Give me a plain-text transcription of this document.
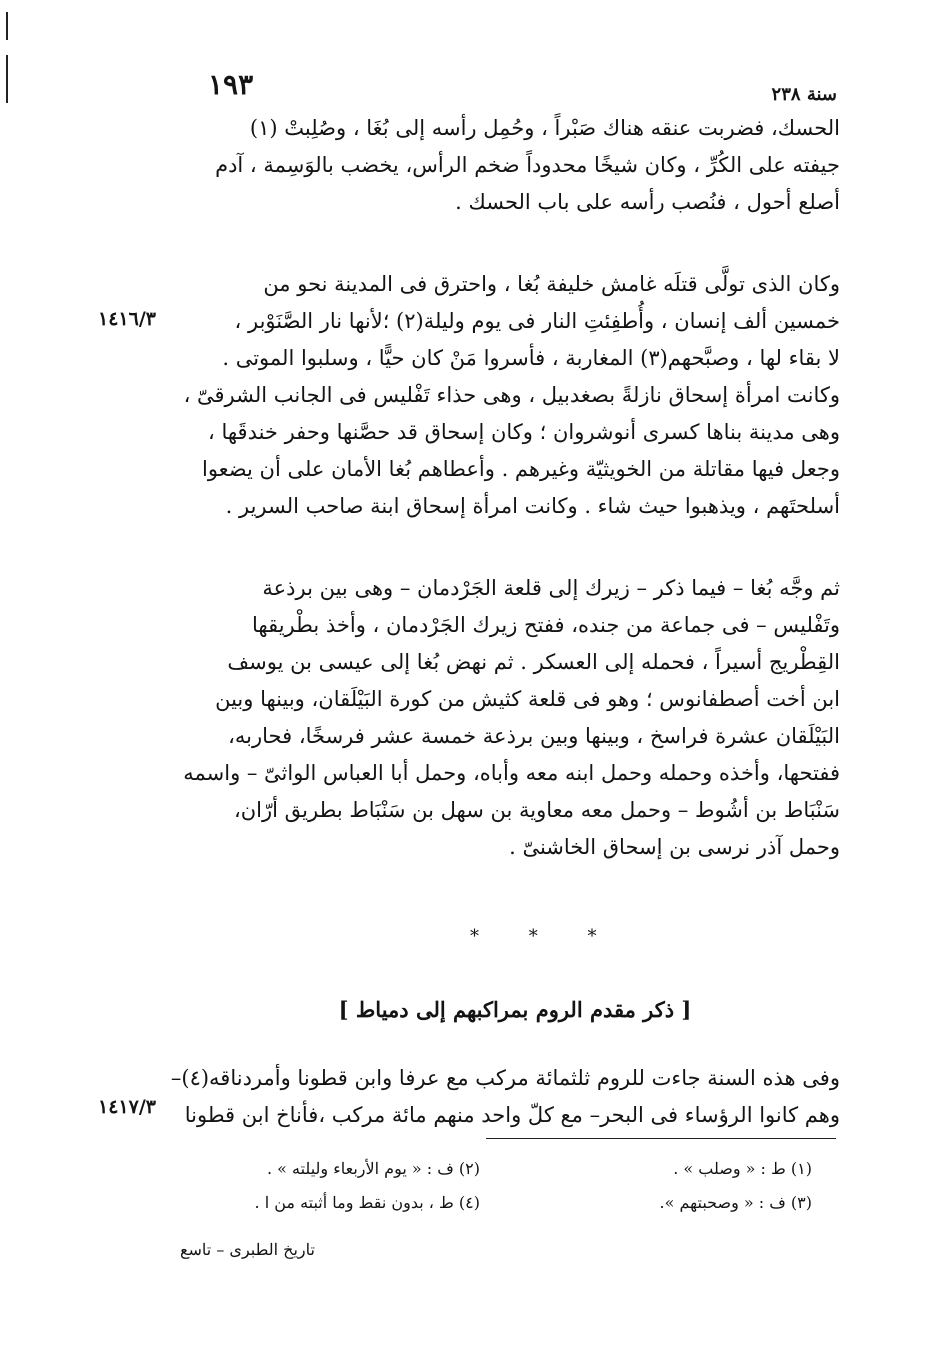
١٩٣	سنة ٢٣٨
الحسك، فضربت عنقه هناك صَبْراً ، وحُمِل رأسه إلى بُغَا ، وصُلِبتْ (١)
جيفته على الكُرِّ ، وكان شيخًا محدوداً ضخم الرأس، يخضب بالوَسِمة ، آدم
أصلع أحول ، فنُصب رأسه على باب الحسك .
وكان الذى تولَّى قتلَه غامش خليفة بُغا ، واحترق فى المدينة نحو من
خمسين ألف إنسان ، وأُطفِئتِ النار فى يوم وليلة(٢) ؛لأنها نار الصَّنَوْبر ،
لا بقاء لها ، وصبَّحهم(٣) المغاربة ، فأسروا مَنْ كان حيًّا ، وسلبوا الموتى .
وكانت امرأة إسحاق نازلةً بصغدبيل ، وهى حذاء تَفْليس فى الجانب الشرقىّ ،
وهى مدينة بناها كسرى أنوشروان ؛ وكان إسحاق قد حصَّنها وحفر خندقَها ،
وجعل فيها مقاتلة من الخويثيّة وغيرهم . وأعطاهم بُغا الأمان على أن يضعوا
أسلحتَهم ، ويذهبوا حيث شاء . وكانت امرأة إسحاق ابنة صاحب السرير .
١٤١٦/٣
ثم وجَّه بُغا – فيما ذكر – زيرك إلى قلعة الجَرْدمان – وهى بين برذعة
وتَفْليس – فى جماعة من جنده، ففتح زيرك الجَرْدمان ، وأخذ بطْريقها
القِطْريج أسيراً ، فحمله إلى العسكر . ثم نهض بُغا إلى عيسى بن يوسف
ابن أخت أصطفانوس ؛ وهو فى قلعة كثيش من كورة البَيْلَقان، وبينها وبين
البَيْلَقان عشرة فراسخ ، وبينها وبين برذعة خمسة عشر فرسخًا، فحاربه،
ففتحها، وأخذه وحمله وحمل ابنه معه وأباه، وحمل أبا العباس الواثىّ – واسمه
سَنْبَاط بن أشُوط – وحمل معه معاوية بن سهل بن سَنْبَاط بطريق أرّان،
وحمل آذر نرسى بن إسحاق الخاشنىّ .
* * *
[ ذكر مقدم الروم بمراكبهم إلى دمياط ]
وفى هذه السنة جاءت للروم ثلثمائة مركب مع عرفا وابن قطونا وأمردناقه(٤)–
وهم كانوا الرؤساء فى البحر– مع كلّ واحد منهم مائة مركب ،فأناخ ابن قطونا
١٤١٧/٣
(١) ط : « وصلب » .
(٢) ف : « يوم الأربعاء وليلته » .
(٣) ف : « وصحبتهم ».
(٤) ط ، بدون نقط وما أثبته من ا .
تاريخ الطبرى – تاسع
